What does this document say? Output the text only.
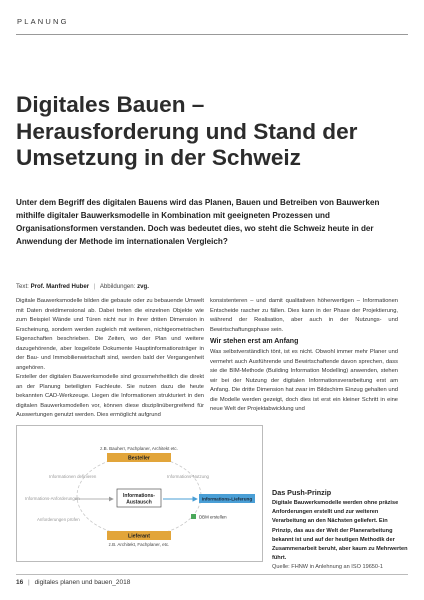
PLANUNG
Digitales Bauen –
Herausforderung und Stand der
Umsetzung in der Schweiz

Unter dem Begriff des digitalen Bauens wird das Planen, Bauen und Betreiben von Bauwerken mithilfe digitaler Bauwerksmodelle in Kombination mit geeigneten Prozessen und Organisationsformen verstanden. Doch was bedeutet dies, wo steht die Schweiz heute in der Anwendung der Methode im internationalen Vergleich?

Text: Prof. Manfred Huber | Abbildungen: zvg.

Digitale Bauwerksmodelle bilden die gebaute oder zu bebauende Umwelt mit Daten dreidimensional ab. Dabei treten die einzelnen Objekte wie zum Beispiel Wände und Türen nicht nur in ihrer dritten Dimension in Erscheinung, sondern werden zugleich mit weiteren, nichtgeometrischen Eigenschaften beschrieben. Die Zeiten, wo der Plan und weitere dazugehörende, aber losgelöste Dokumente Hauptinformationsträger in der Bau- und Immobilienwirtschaft sind, werden bald der Vergangenheit angehören.

Ersteller der digitalen Bauwerksmodelle sind grossmehrheitlich die direkt an der Planung beteiligten Fachleute. Sie nutzen dazu die heute bekannten CAD-Werkzeuge. Liegen die Informationen strukturiert in den digitalen Bauwerksmodellen vor, können diese disziplinübergreifend für Auswertungen genutzt werden. Dies ermöglicht aufgrund

konsistenteren – und damit qualitativen höherwertigen – Informationen Entscheide rascher zu fällen. Dies kann in der Phase der Projektierung, während der Realisation, aber auch in der Nutzungs- und Bewirtschaftungsphase sein.

Wir stehen erst am Anfang

Was selbstverständlich tönt, ist es nicht. Obwohl immer mehr Planer und vermehrt auch Ausführende und Bewirtschaftende davon sprechen, dass sie die BIM-Methode (Building Information Modelling) anwenden, stehen wir bei der Nutzung der digitalen Informationsverarbeitung erst am Anfang. Die dritte Dimension hat zwar im Bildschirm Einzug gehalten und die Modelle werden gezeigt, doch dies ist erst ein kleiner Schritt in eine neue Welt der Projektabwicklung und

z.B. Bauherr, Fachplaner, Architekt etc.
Besteller
Informationen definieren
Informations-Anforderungen
Anforderungen prüfen
Informations-
Austausch
Informations-Nutzung
Informations-Lieferung
DBM erstellen
Lieferant
z.B. Architekt, Fachplaner, etc.
Das Push-Prinzip
Digitale Bauwerksmodelle werden ohne präzise Anforderungen erstellt und zur weiteren Verarbeitung an den Nächsten geliefert. Ein Prinzip, das aus der Welt der Planerarbeitung bekannt ist und auf der heutigen Methodik der Zusammenarbeit beruht, aber kaum zu Mehrwerten führt.
Quelle: FHNW in Anlehnung an ISO 19650-1
16 | digitales planen und bauen_2018
